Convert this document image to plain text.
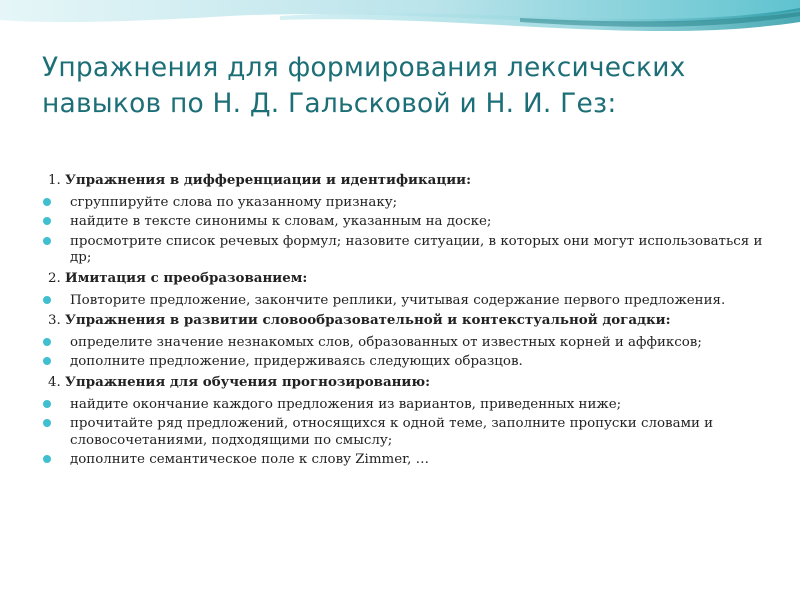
Упражнения для формирования лексических навыков по Н. Д. Гальсковой и Н. И. Гез:
1. Упражнения в дифференциации и идентификации:
сгруппируйте слова по указанному признаку;
найдите в тексте синонимы к словам, указанным на доске;
просмотрите список речевых формул; назовите ситуации, в которых они могут использоваться и др;
2. Имитация с преобразованием:
Повторите предложение, закончите реплики, учитывая содержание первого предложения.
3. Упражнения в развитии словообразовательной и контекстуальной догадки:
определите значение незнакомых слов, образованных от известных корней и аффиксов;
дополните предложение, придерживаясь следующих образцов.
4. Упражнения для обучения прогнозированию:
найдите окончание каждого предложения из вариантов, приведенных ниже;
прочитайте ряд предложений, относящихся к одной теме, заполните пропуски словами и словосочетаниями, подходящими по смыслу;
дополните семантическое поле к слову Zimmer, …
